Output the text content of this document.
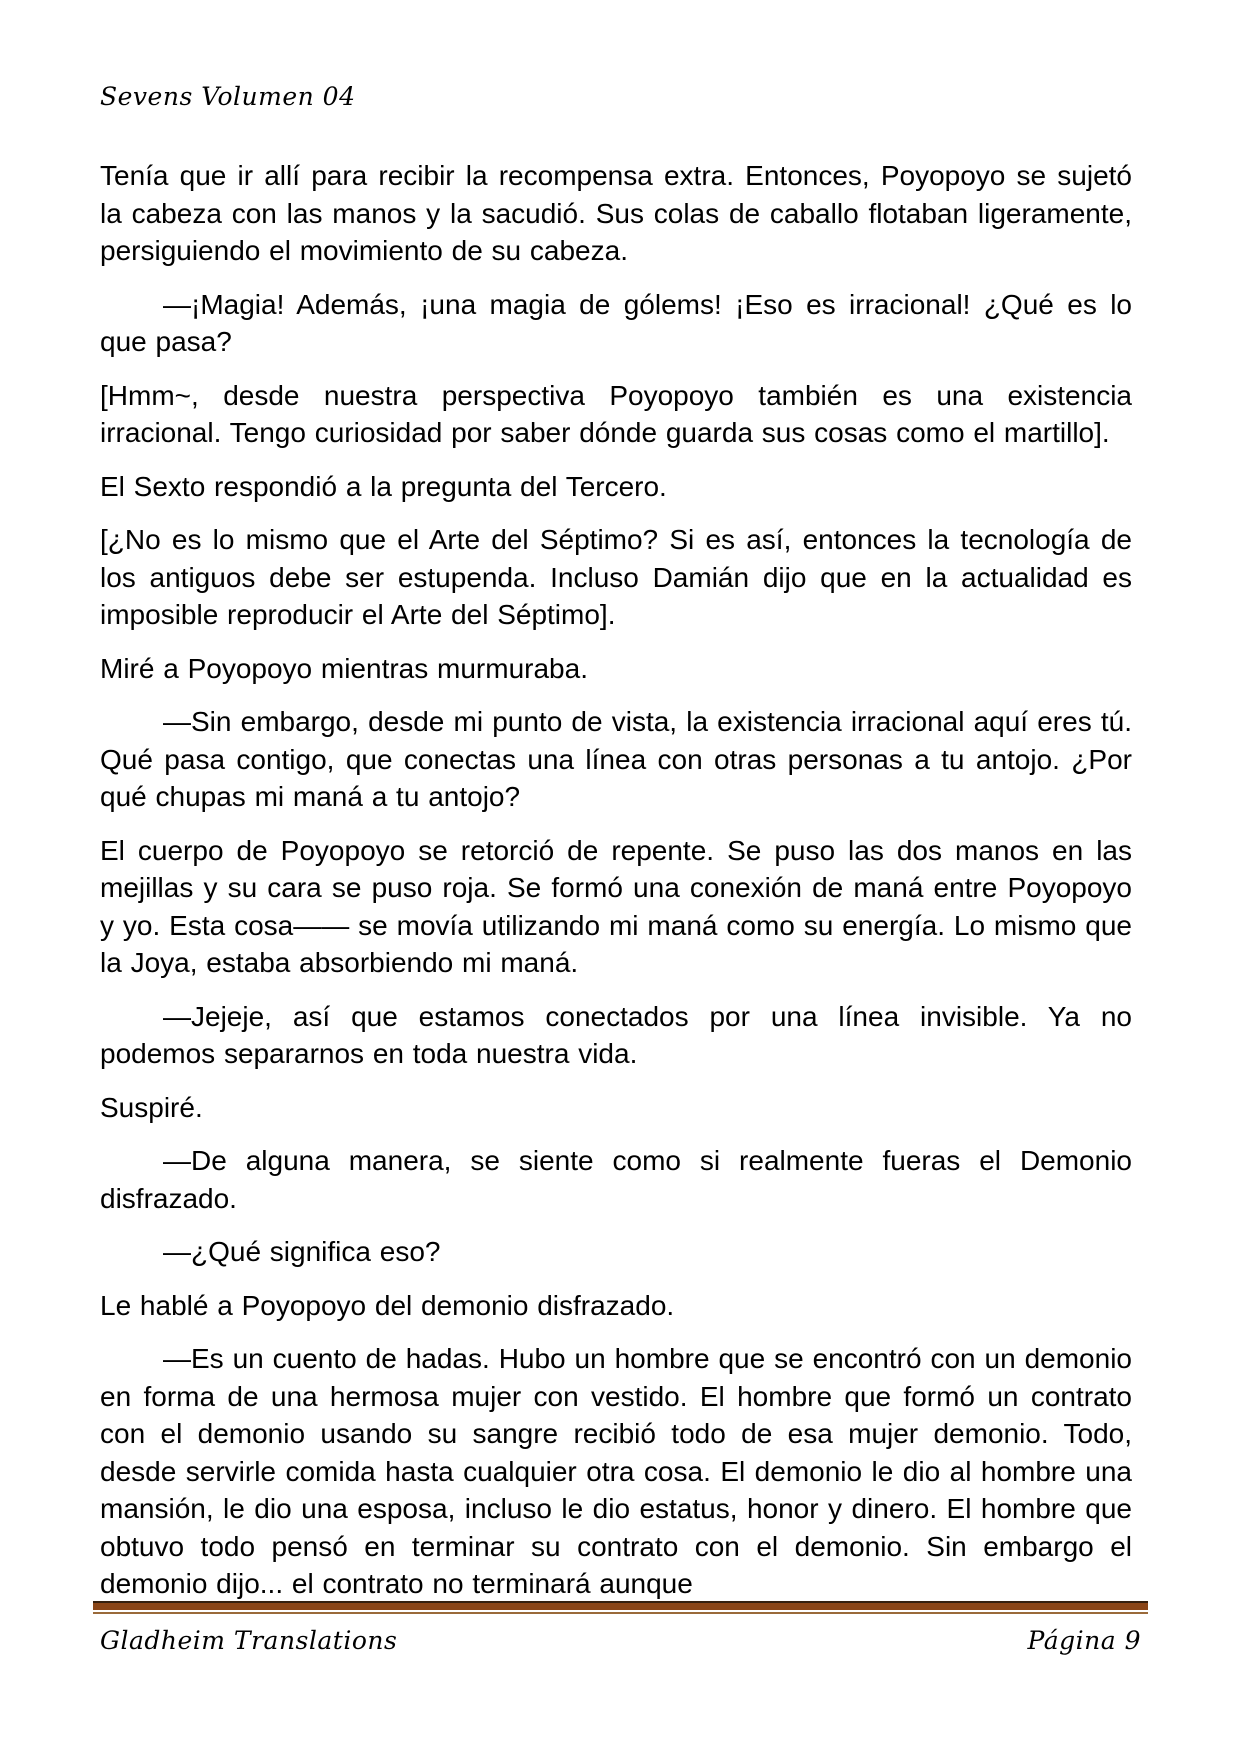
Sevens Volumen 04

Tenía que ir allí para recibir la recompensa extra. Entonces, Poyopoyo se sujetó la cabeza con las manos y la sacudió. Sus colas de caballo flotaban ligeramente, persiguiendo el movimiento de su cabeza.

—¡Magia! Además, ¡una magia de gólems! ¡Eso es irracional! ¿Qué es lo que pasa?

[Hmm~, desde nuestra perspectiva Poyopoyo también es una existencia irracional. Tengo curiosidad por saber dónde guarda sus cosas como el martillo].

El Sexto respondió a la pregunta del Tercero.

[¿No es lo mismo que el Arte del Séptimo? Si es así, entonces la tecnología de los antiguos debe ser estupenda. Incluso Damián dijo que en la actualidad es imposible reproducir el Arte del Séptimo].

Miré a Poyopoyo mientras murmuraba.

—Sin embargo, desde mi punto de vista, la existencia irracional aquí eres tú. Qué pasa contigo, que conectas una línea con otras personas a tu antojo. ¿Por qué chupas mi maná a tu antojo?

El cuerpo de Poyopoyo se retorció de repente. Se puso las dos manos en las mejillas y su cara se puso roja. Se formó una conexión de maná entre Poyopoyo y yo. Esta cosa—— se movía utilizando mi maná como su energía. Lo mismo que la Joya, estaba absorbiendo mi maná.

—Jejeje, así que estamos conectados por una línea invisible. Ya no podemos separarnos en toda nuestra vida.

Suspiré.

—De alguna manera, se siente como si realmente fueras el Demonio disfrazado.

—¿Qué significa eso?

Le hablé a Poyopoyo del demonio disfrazado.

—Es un cuento de hadas. Hubo un hombre que se encontró con un demonio en forma de una hermosa mujer con vestido. El hombre que formó un contrato con el demonio usando su sangre recibió todo de esa mujer demonio. Todo, desde servirle comida hasta cualquier otra cosa. El demonio le dio al hombre una mansión, le dio una esposa, incluso le dio estatus, honor y dinero. El hombre que obtuvo todo pensó en terminar su contrato con el demonio. Sin embargo el demonio dijo... el contrato no terminará aunque

Gladheim Translations	Página 9
